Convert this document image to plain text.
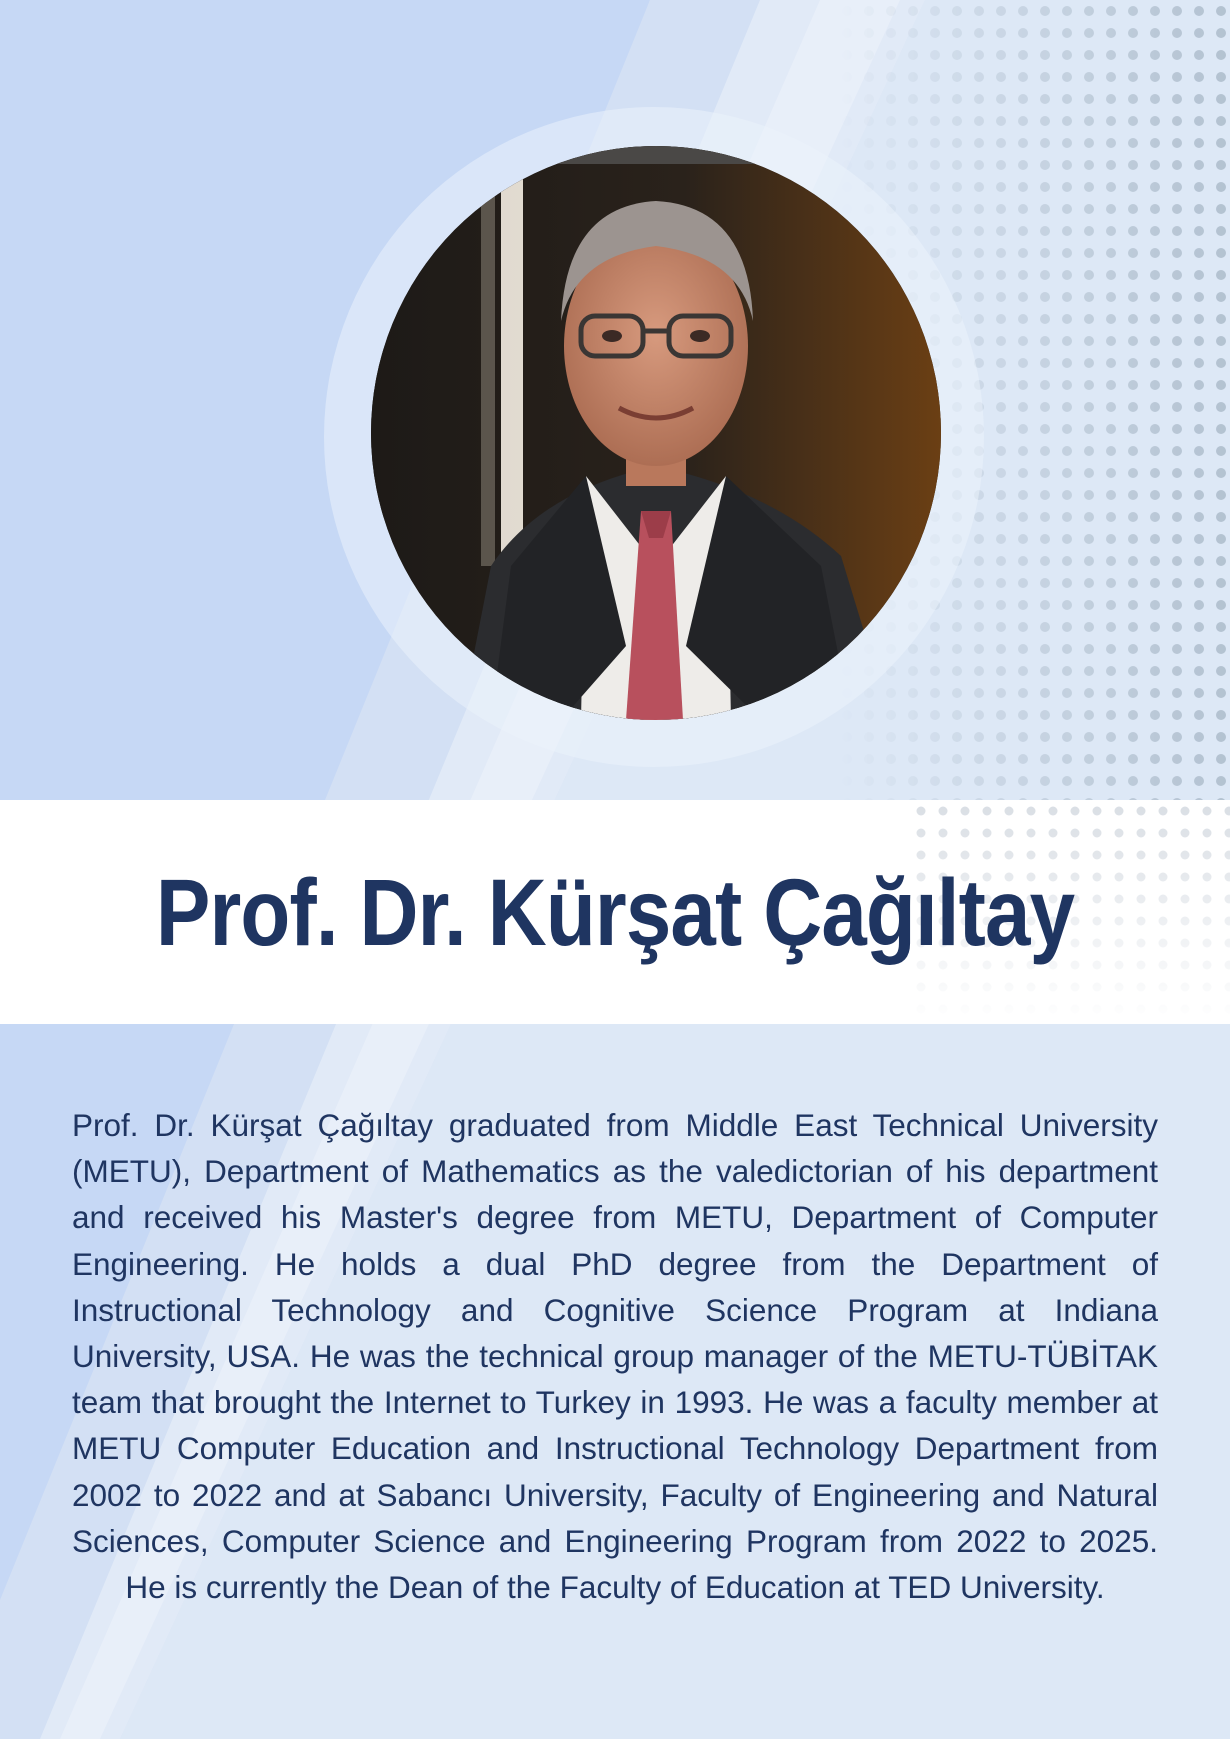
Prof. Dr. Kürşat Çağıltay

Prof. Dr. Kürşat Çağıltay graduated from Middle East Technical University (METU), Department of Mathematics as the valedictorian of his department and received his Master's degree from METU, Department of Computer Engineering. He holds a dual PhD degree from the Department of Instructional Technology and Cognitive Science Program at Indiana University, USA. He was the technical group manager of the METU-TÜBİTAK team that brought the Internet to Turkey in 1993. He was a faculty member at METU Computer Education and Instructional Technology Department from 2002 to 2022 and at Sabancı University, Faculty of Engineering and Natural Sciences, Computer Science and Engineering Program from 2022 to 2025. He is currently the Dean of the Faculty of Education at TED University.
